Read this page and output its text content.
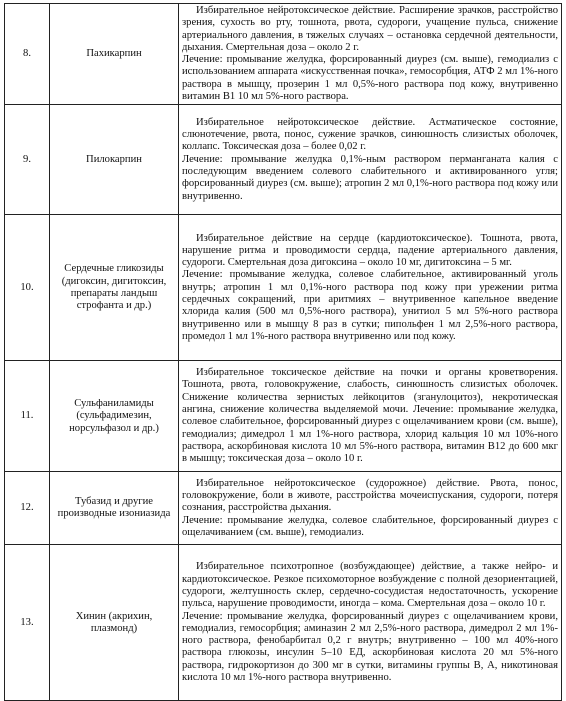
8.	Пахикарпин	Избирательное нейротоксическое действие. Расширение зрачков, расстройство зрения, сухость во рту, тошнота, рвота, судороги, учащение пульса, снижение артериального давления, в тяжелых случаях – остановка сердечной деятельности, дыхания. Смертельная доза – около 2 г.
Лечение: промывание желудка, форсированный диурез (см. выше), гемодиализ с использованием аппарата «искусственная почка», гемосорбция, АТФ 2 мл 1%-ного раствора в мышцу, прозерин 1 мл 0,5%-ного раствора под кожу, внутривенно витамин В1 10 мл 5%-ного раствора.

9.	Пилокарпин	Избирательное нейротоксическое действие. Астматическое состояние, слюнотечение, рвота, понос, сужение зрачков, синюшность слизистых оболочек, коллапс. Токсическая доза – более 0,02 г.
Лечение: промывание желудка 0,1%-ным раствором перманганата калия с последующим введением солевого слабительного и активированного угля; форсированный диурез (см. выше); атропин 2 мл 0,1%-ного раствора под кожу или внутривенно.

10.	Сердечные гликозиды (дигоксин, дигитоксин, препараты ландыш строфанта и др.)	Избирательное действие на сердце (кардиотоксическое). Тошнота, рвота, нарушение ритма и проводимости сердца, падение артериального давления, судороги. Смертельная доза дигоксина – около 10 мг, дигитоксина – 5 мг.
Лечение: промывание желудка, солевое слабительное, активированный уголь внутрь; атропин 1 мл 0,1%-ного раствора под кожу при урежении ритма сердечных сокращений, при аритмиях – внутривенное капельное введение хлорида калия (500 мл 0,5%-ного раствора), унитиол 5 мл 5%-ного раствора внутривенно или в мышцу 8 раз в сутки; пипольфен 1 мл 2,5%-ного раствора, промедол 1 мл 1%-ного раствора внутривенно или под кожу.

11.	Сульфаниламиды (сульфадимезин, норсульфазол и др.)	Избирательное токсическое действие на почки и органы кроветворения. Тошнота, рвота, головокружение, слабость, синюшность слизистых оболочек. Снижение количества зернистых лейкоцитов (зганулоцитоз), некротическая ангина, снижение количества выделяемой мочи. Лечение: промывание желудка, солевое слабительное, форсированный диурез с ощелачиванием крови (см. выше), гемодиализ; димедрол 1 мл 1%-ного раствора, хлорид кальция 10 мл 10%-ного раствора, аскорбиновая кислота 10 мл 5%-ного раствора, витамин В12 до 600 мкг в мышцу; токсическая доза – около 10 г.

12.	Тубазид и другие производные изониазида	Избирательное нейротоксическое (судорожное) действие. Рвота, понос, головокружение, боли в животе, расстройства мочеиспускания, судороги, потеря сознания, расстройства дыхания.
Лечение: промывание желудка, солевое слабительное, форсированный диурез с ощелачиванием (см. выше), гемодиализ.

13.	Хинин (акрихин, плазмонд)	Избирательное психотропное (возбуждающее) действие, а также нейро- и кардиотоксическое. Резкое психомоторное возбуждение с полной дезориентацией, судороги, желтушность склер, сердечно-сосудистая недостаточность, ускорение пульса, нарушение проводимости, иногда – кома. Смертельная доза – около 10 г.
Лечение: промывание желудка, форсированный диурез с ощелачиванием крови, гемодиализ, гемосорбция; аминазин 2 мл 2,5%-ного раствора, димедрол 2 мл 1%-ного раствора, фенобарбитал 0,2 г внутрь; внутривенно – 100 мл 40%-ного раствора глюкозы, инсулин 5–10 ЕД, аскорбиновая кислота 20 мл 5%-ного раствора, гидрокортизон до 300 мг в сутки, витамины группы В, А, никотиновая кислота 10 мл 1%-ного раствора внутривенно.
